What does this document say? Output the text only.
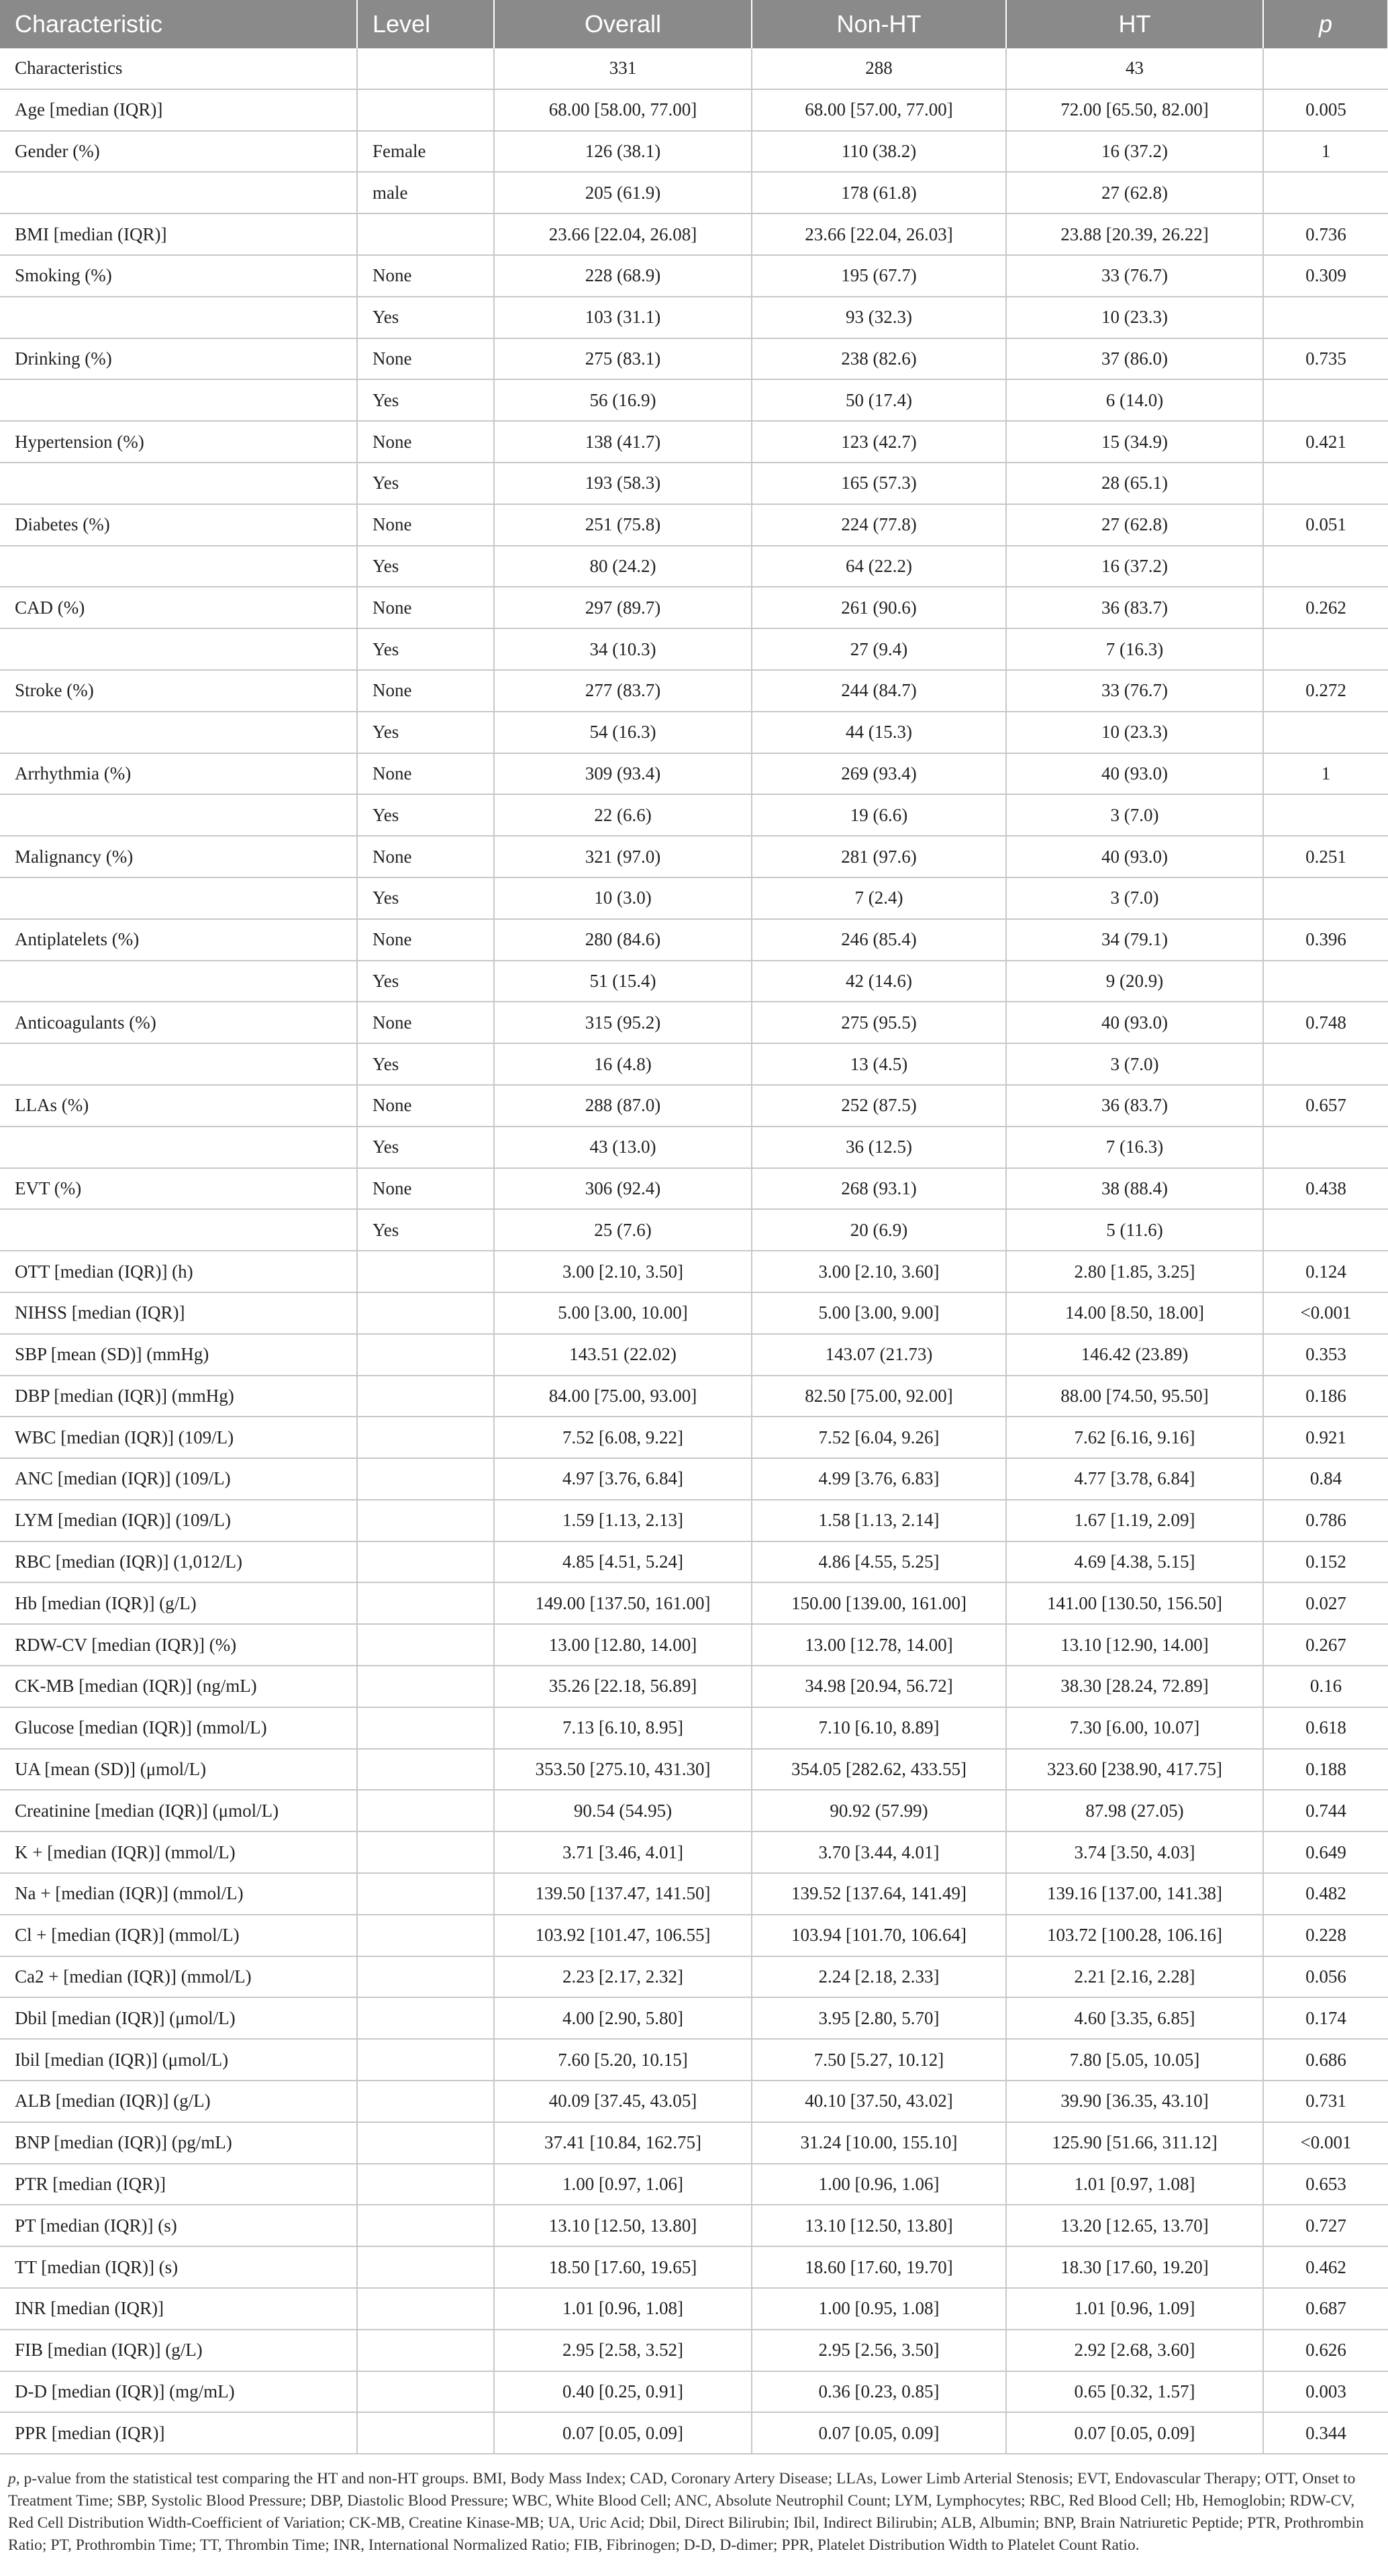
Characteristic	Level	Overall	Non-HT	HT	p
Characteristics		331	288	43	
Age [median (IQR)]		68.00 [58.00, 77.00]	68.00 [57.00, 77.00]	72.00 [65.50, 82.00]	0.005
Gender (%)	Female	126 (38.1)	110 (38.2)	16 (37.2)	1
	male	205 (61.9)	178 (61.8)	27 (62.8)	
BMI [median (IQR)]		23.66 [22.04, 26.08]	23.66 [22.04, 26.03]	23.88 [20.39, 26.22]	0.736
Smoking (%)	None	228 (68.9)	195 (67.7)	33 (76.7)	0.309
	Yes	103 (31.1)	93 (32.3)	10 (23.3)	
Drinking (%)	None	275 (83.1)	238 (82.6)	37 (86.0)	0.735
	Yes	56 (16.9)	50 (17.4)	6 (14.0)	
Hypertension (%)	None	138 (41.7)	123 (42.7)	15 (34.9)	0.421
	Yes	193 (58.3)	165 (57.3)	28 (65.1)	
Diabetes (%)	None	251 (75.8)	224 (77.8)	27 (62.8)	0.051
	Yes	80 (24.2)	64 (22.2)	16 (37.2)	
CAD (%)	None	297 (89.7)	261 (90.6)	36 (83.7)	0.262
	Yes	34 (10.3)	27 (9.4)	7 (16.3)	
Stroke (%)	None	277 (83.7)	244 (84.7)	33 (76.7)	0.272
	Yes	54 (16.3)	44 (15.3)	10 (23.3)	
Arrhythmia (%)	None	309 (93.4)	269 (93.4)	40 (93.0)	1
	Yes	22 (6.6)	19 (6.6)	3 (7.0)	
Malignancy (%)	None	321 (97.0)	281 (97.6)	40 (93.0)	0.251
	Yes	10 (3.0)	7 (2.4)	3 (7.0)	
Antiplatelets (%)	None	280 (84.6)	246 (85.4)	34 (79.1)	0.396
	Yes	51 (15.4)	42 (14.6)	9 (20.9)	
Anticoagulants (%)	None	315 (95.2)	275 (95.5)	40 (93.0)	0.748
	Yes	16 (4.8)	13 (4.5)	3 (7.0)	
LLAs (%)	None	288 (87.0)	252 (87.5)	36 (83.7)	0.657
	Yes	43 (13.0)	36 (12.5)	7 (16.3)	
EVT (%)	None	306 (92.4)	268 (93.1)	38 (88.4)	0.438
	Yes	25 (7.6)	20 (6.9)	5 (11.6)	
OTT [median (IQR)] (h)		3.00 [2.10, 3.50]	3.00 [2.10, 3.60]	2.80 [1.85, 3.25]	0.124
NIHSS [median (IQR)]		5.00 [3.00, 10.00]	5.00 [3.00, 9.00]	14.00 [8.50, 18.00]	<0.001
SBP [mean (SD)] (mmHg)		143.51 (22.02)	143.07 (21.73)	146.42 (23.89)	0.353
DBP [median (IQR)] (mmHg)		84.00 [75.00, 93.00]	82.50 [75.00, 92.00]	88.00 [74.50, 95.50]	0.186
WBC [median (IQR)] (109/L)		7.52 [6.08, 9.22]	7.52 [6.04, 9.26]	7.62 [6.16, 9.16]	0.921
ANC [median (IQR)] (109/L)		4.97 [3.76, 6.84]	4.99 [3.76, 6.83]	4.77 [3.78, 6.84]	0.84
LYM [median (IQR)] (109/L)		1.59 [1.13, 2.13]	1.58 [1.13, 2.14]	1.67 [1.19, 2.09]	0.786
RBC [median (IQR)] (1,012/L)		4.85 [4.51, 5.24]	4.86 [4.55, 5.25]	4.69 [4.38, 5.15]	0.152
Hb [median (IQR)] (g/L)		149.00 [137.50, 161.00]	150.00 [139.00, 161.00]	141.00 [130.50, 156.50]	0.027
RDW-CV [median (IQR)] (%)		13.00 [12.80, 14.00]	13.00 [12.78, 14.00]	13.10 [12.90, 14.00]	0.267
CK-MB [median (IQR)] (ng/mL)		35.26 [22.18, 56.89]	34.98 [20.94, 56.72]	38.30 [28.24, 72.89]	0.16
Glucose [median (IQR)] (mmol/L)		7.13 [6.10, 8.95]	7.10 [6.10, 8.89]	7.30 [6.00, 10.07]	0.618
UA [mean (SD)] (μmol/L)		353.50 [275.10, 431.30]	354.05 [282.62, 433.55]	323.60 [238.90, 417.75]	0.188
Creatinine [median (IQR)] (μmol/L)		90.54 (54.95)	90.92 (57.99)	87.98 (27.05)	0.744
K + [median (IQR)] (mmol/L)		3.71 [3.46, 4.01]	3.70 [3.44, 4.01]	3.74 [3.50, 4.03]	0.649
Na + [median (IQR)] (mmol/L)		139.50 [137.47, 141.50]	139.52 [137.64, 141.49]	139.16 [137.00, 141.38]	0.482
Cl + [median (IQR)] (mmol/L)		103.92 [101.47, 106.55]	103.94 [101.70, 106.64]	103.72 [100.28, 106.16]	0.228
Ca2 + [median (IQR)] (mmol/L)		2.23 [2.17, 2.32]	2.24 [2.18, 2.33]	2.21 [2.16, 2.28]	0.056
Dbil [median (IQR)] (μmol/L)		4.00 [2.90, 5.80]	3.95 [2.80, 5.70]	4.60 [3.35, 6.85]	0.174
Ibil [median (IQR)] (μmol/L)		7.60 [5.20, 10.15]	7.50 [5.27, 10.12]	7.80 [5.05, 10.05]	0.686
ALB [median (IQR)] (g/L)		40.09 [37.45, 43.05]	40.10 [37.50, 43.02]	39.90 [36.35, 43.10]	0.731
BNP [median (IQR)] (pg/mL)		37.41 [10.84, 162.75]	31.24 [10.00, 155.10]	125.90 [51.66, 311.12]	<0.001
PTR [median (IQR)]		1.00 [0.97, 1.06]	1.00 [0.96, 1.06]	1.01 [0.97, 1.08]	0.653
PT [median (IQR)] (s)		13.10 [12.50, 13.80]	13.10 [12.50, 13.80]	13.20 [12.65, 13.70]	0.727
TT [median (IQR)] (s)		18.50 [17.60, 19.65]	18.60 [17.60, 19.70]	18.30 [17.60, 19.20]	0.462
INR [median (IQR)]		1.01 [0.96, 1.08]	1.00 [0.95, 1.08]	1.01 [0.96, 1.09]	0.687
FIB [median (IQR)] (g/L)		2.95 [2.58, 3.52]	2.95 [2.56, 3.50]	2.92 [2.68, 3.60]	0.626
D-D [median (IQR)] (mg/mL)		0.40 [0.25, 0.91]	0.36 [0.23, 0.85]	0.65 [0.32, 1.57]	0.003
PPR [median (IQR)]		0.07 [0.05, 0.09]	0.07 [0.05, 0.09]	0.07 [0.05, 0.09]	0.344
p, p-value from the statistical test comparing the HT and non-HT groups. BMI, Body Mass Index; CAD, Coronary Artery Disease; LLAs, Lower Limb Arterial Stenosis; EVT, Endovascular Therapy; OTT, Onset to Treatment Time; SBP, Systolic Blood Pressure; DBP, Diastolic Blood Pressure; WBC, White Blood Cell; ANC, Absolute Neutrophil Count; LYM, Lymphocytes; RBC, Red Blood Cell; Hb, Hemoglobin; RDW-CV, Red Cell Distribution Width-Coefficient of Variation; CK-MB, Creatine Kinase-MB; UA, Uric Acid; Dbil, Direct Bilirubin; Ibil, Indirect Bilirubin; ALB, Albumin; BNP, Brain Natriuretic Peptide; PTR, Prothrombin Ratio; PT, Prothrombin Time; TT, Thrombin Time; INR, International Normalized Ratio; FIB, Fibrinogen; D-D, D-dimer; PPR, Platelet Distribution Width to Platelet Count Ratio.
